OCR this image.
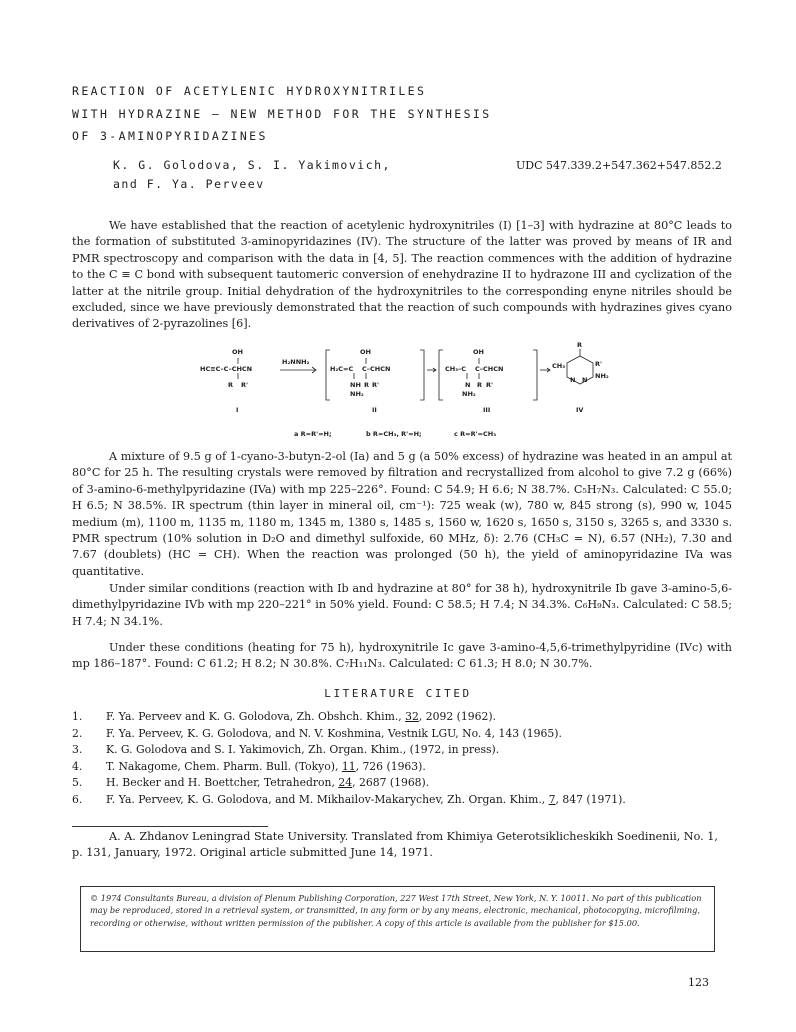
REACTION OF ACETYLENIC HYDROXYNITRILES
WITH HYDRAZINE – NEW METHOD FOR THE SYNTHESIS
OF 3-AMINOPYRIDAZINES
K. G. Golodova, S. I. Yakimovich,
and F. Ya. Perveev
UDC 547.339.2+547.362+547.852.2

We have established that the reaction of acetylenic hydroxynitriles (I) [1–3] with hydrazine at 80°C leads to the formation of substituted 3-aminopyridazines (IV). The structure of the latter was proved by means of IR and PMR spectroscopy and comparison with the data in [4, 5]. The reaction commences with the addition of hydrazine to the C ≡ C bond with subsequent tautomeric conversion of enehydrazine II to hydrazone III and cyclization of the latter at the nitrile group. Initial dehydration of the hydroxynitriles to the corresponding enyne nitriles should be excluded, since we have previously demonstrated that the reaction of such compounds with hydrazines gives cyano derivatives of 2-pyrazolines [6].

OH
HC≡C–C–CHCN
R R'
I
H₂NNH₂
OH
H₂C=C C–CHCN
NH R R'
NH₂
II
OH
CH₃–C C–CHCN
N R R'
NH₂
III
R
R'
CH₃
N N NH₂
IV
a R=R'=H;	b R=CH₃, R'=H;	c R=R'=CH₃

A mixture of 9.5 g of 1-cyano-3-butyn-2-ol (Ia) and 5 g (a 50% excess) of hydrazine was heated in an ampul at 80°C for 25 h. The resulting crystals were removed by filtration and recrystallized from alcohol to give 7.2 g (66%) of 3-amino-6-methylpyridazine (IVa) with mp 225–226°. Found: C 54.9; H 6.6; N 38.7%. C₅H₇N₃. Calculated: C 55.0; H 6.5; N 38.5%. IR spectrum (thin layer in mineral oil, cm⁻¹): 725 weak (w), 780 w, 845 strong (s), 990 w, 1045 medium (m), 1100 m, 1135 m, 1180 m, 1345 m, 1380 s, 1485 s, 1560 w, 1620 s, 1650 s, 3150 s, 3265 s, and 3330 s. PMR spectrum (10% solution in D₂O and dimethyl sulfoxide, 60 MHz, δ): 2.76 (CH₃C = N), 6.57 (NH₂), 7.30 and 7.67 (doublets) (HC = CH). When the reaction was prolonged (50 h), the yield of aminopyridazine IVa was quantitative.

Under similar conditions (reaction with Ib and hydrazine at 80° for 38 h), hydroxynitrile Ib gave 3-amino-5,6-dimethylpyridazine IVb with mp 220–221° in 50% yield. Found: C 58.5; H 7.4; N 34.3%. C₆H₉N₃. Calculated: C 58.5; H 7.4; N 34.1%.

Under these conditions (heating for 75 h), hydroxynitrile Ic gave 3-amino-4,5,6-trimethylpyridine (IVc) with mp 186–187°. Found: C 61.2; H 8.2; N 30.8%. C₇H₁₁N₃. Calculated: C 61.3; H 8.0; N 30.7%.

LITERATURE CITED
1. F. Ya. Perveev and K. G. Golodova, Zh. Obshch. Khim., 32, 2092 (1962).
2. F. Ya. Perveev, K. G. Golodova, and N. V. Koshmina, Vestnik LGU, No. 4, 143 (1965).
3. K. G. Golodova and S. I. Yakimovich, Zh. Organ. Khim., (1972, in press).
4. T. Nakagome, Chem. Pharm. Bull. (Tokyo), 11, 726 (1963).
5. H. Becker and H. Boettcher, Tetrahedron, 24, 2687 (1968).
6. F. Ya. Perveev, K. G. Golodova, and M. Mikhailov-Makarychev, Zh. Organ. Khim., 7, 847 (1971).

A. A. Zhdanov Leningrad State University. Translated from Khimiya Geterotsiklicheskikh Soedinenii, No. 1, p. 131, January, 1972. Original article submitted June 14, 1971.

© 1974 Consultants Bureau, a division of Plenum Publishing Corporation, 227 West 17th Street, New York, N. Y. 10011. No part of this publication may be reproduced, stored in a retrieval system, or transmitted, in any form or by any means, electronic, mechanical, photocopying, microfilming, recording or otherwise, without written permission of the publisher. A copy of this article is available from the publisher for $15.00.
123
